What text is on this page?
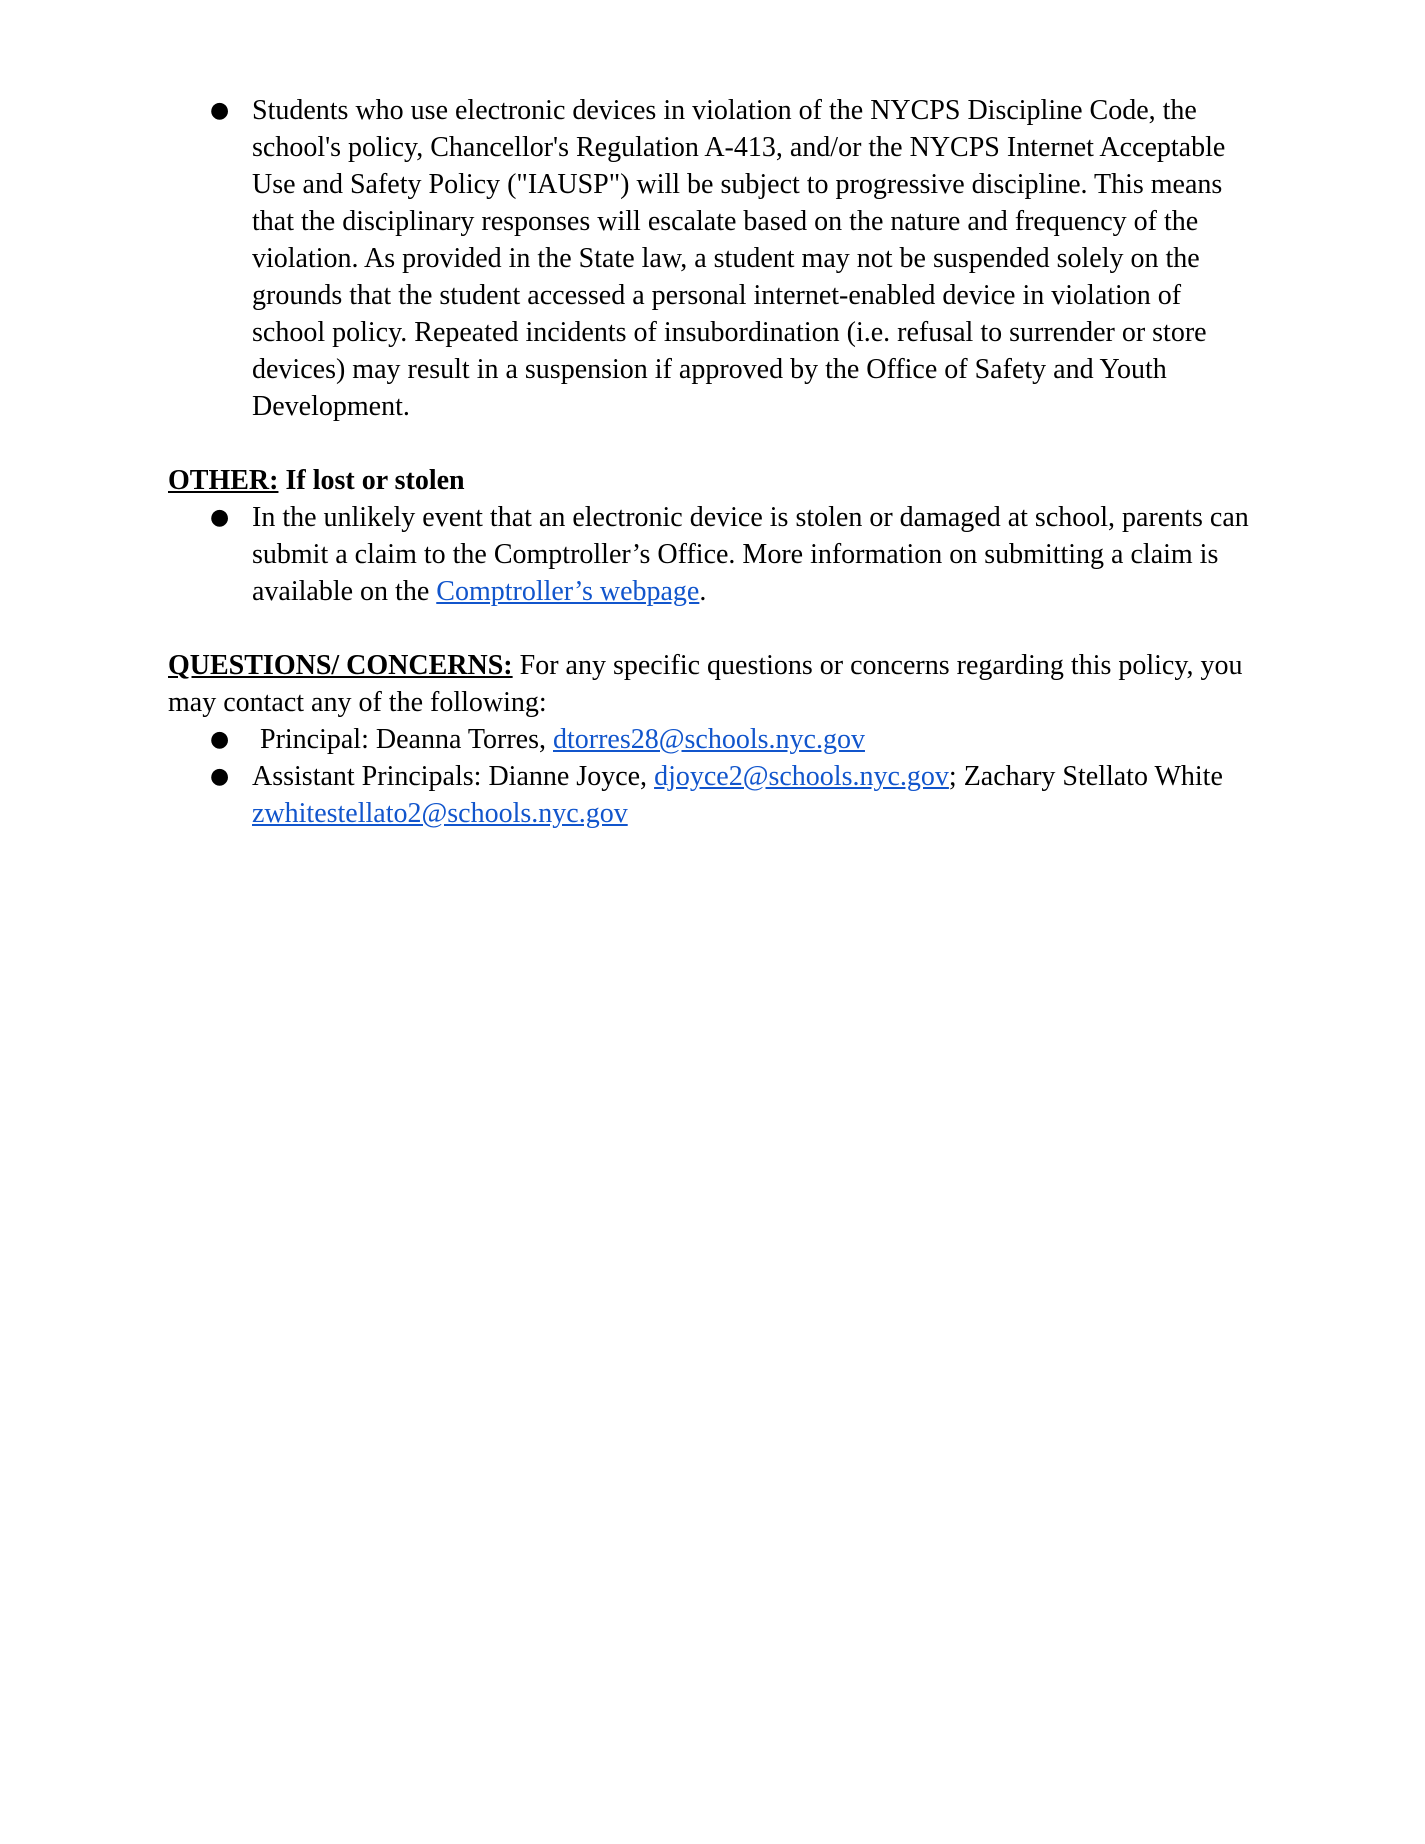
● Students who use electronic devices in violation of the NYCPS Discipline Code, the school's policy, Chancellor's Regulation A-413, and/or the NYCPS Internet Acceptable Use and Safety Policy ("IAUSP") will be subject to progressive discipline. This means that the disciplinary responses will escalate based on the nature and frequency of the violation. As provided in the State law, a student may not be suspended solely on the grounds that the student accessed a personal internet-enabled device in violation of school policy. Repeated incidents of insubordination (i.e. refusal to surrender or store devices) may result in a suspension if approved by the Office of Safety and Youth Development.

OTHER: If lost or stolen

● In the unlikely event that an electronic device is stolen or damaged at school, parents can submit a claim to the Comptroller’s Office. More information on submitting a claim is available on the Comptroller’s webpage.

QUESTIONS/ CONCERNS: For any specific questions or concerns regarding this policy, you may contact any of the following:

● Principal: Deanna Torres, dtorres28@schools.nyc.gov
● Assistant Principals: Dianne Joyce, djoyce2@schools.nyc.gov; Zachary Stellato White zwhitestellato2@schools.nyc.gov
